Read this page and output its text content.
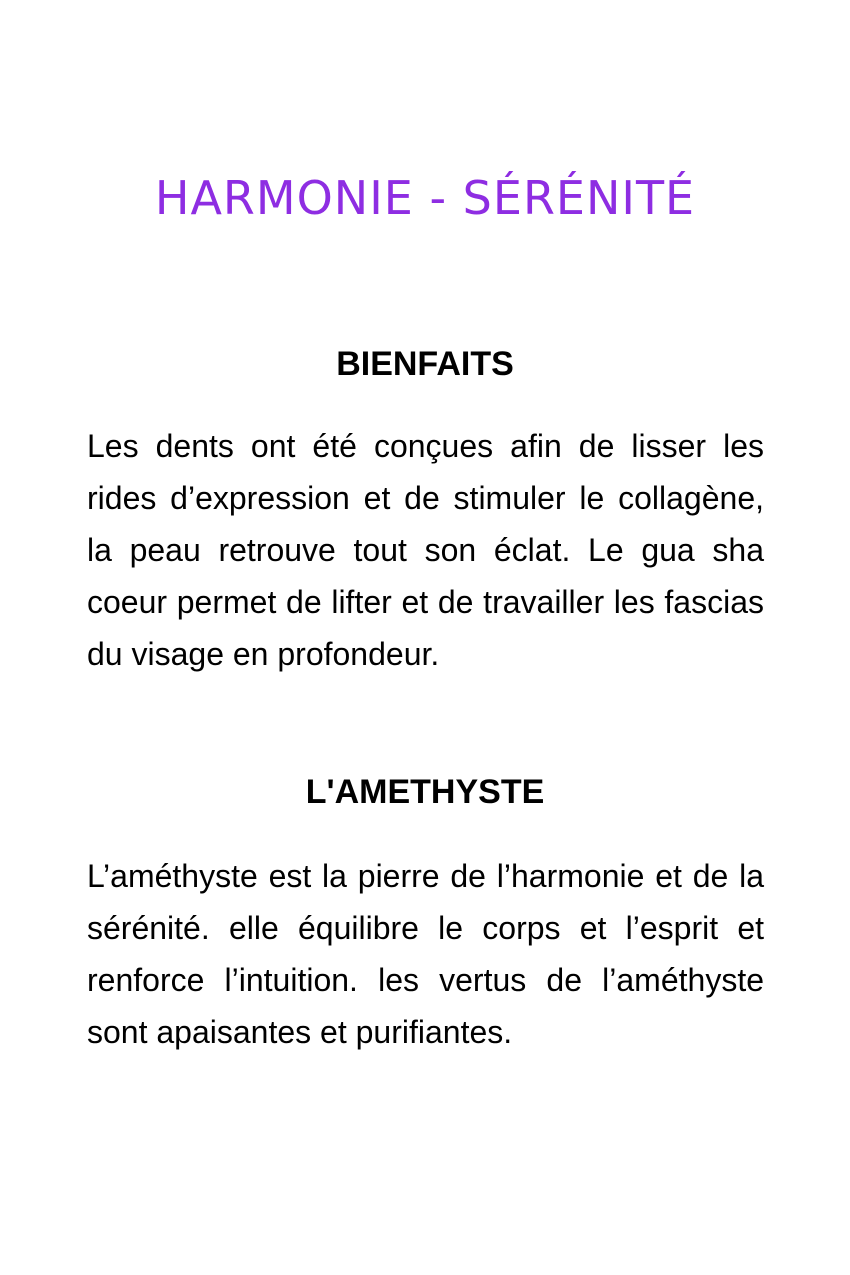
HARMONIE - SÉRÉNITÉ
BIENFAITS
Les dents ont été conçues afin de lisser les rides d’expression et de stimuler le collagène, la peau retrouve tout son éclat. Le gua sha coeur permet de lifter et de travailler les fascias du visage en profondeur.
L'AMETHYSTE
L’améthyste est la pierre de l’harmonie et de la sérénité. elle équilibre le corps et l’esprit et renforce l’intuition. les vertus de l’améthyste sont apaisantes et purifiantes.
